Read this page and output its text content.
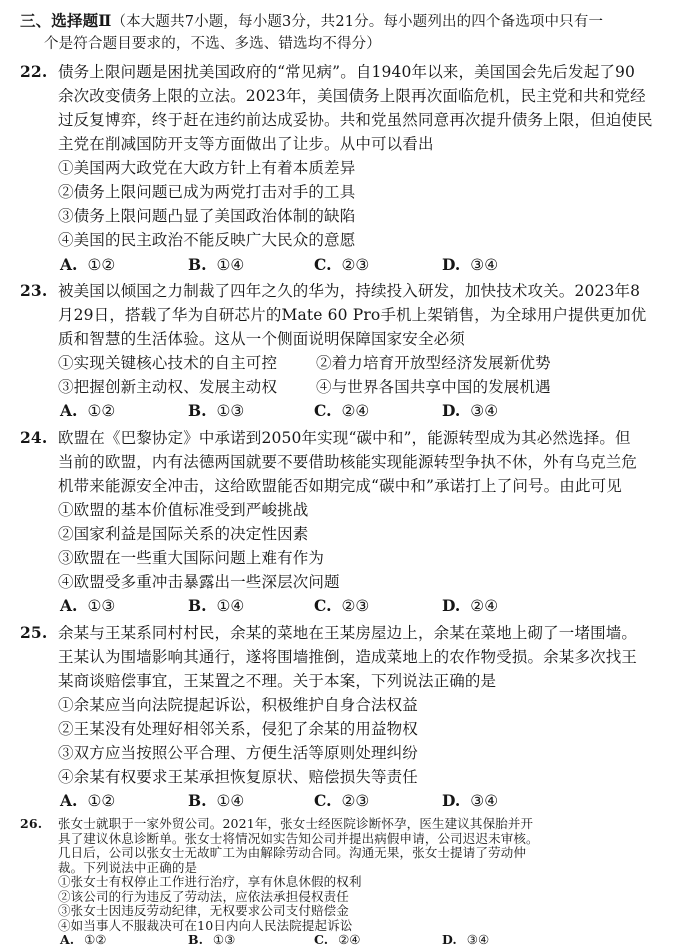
三、选择题Ⅱ（本大题共7小题，每小题3分，共21分。每小题列出的四个备选项中只有一
个是符合题目要求的，不选、多选、错选均不得分）
22. 债务上限问题是困扰美国政府的“常见病”。自1940年以来，美国国会先后发起了90
余次改变债务上限的立法。2023年，美国债务上限再次面临危机，民主党和共和党经
过反复博弈，终于赶在违约前达成妥协。共和党虽然同意再次提升债务上限，但迫使民
主党在削减国防开支等方面做出了让步。从中可以看出
①美国两大政党在大政方针上有着本质差异
②债务上限问题已成为两党打击对手的工具
③债务上限问题凸显了美国政治体制的缺陷
④美国的民主政治不能反映广大民众的意愿
A. ①②	B. ①④	C. ②③	D. ③④
23. 被美国以倾国之力制裁了四年之久的华为，持续投入研发，加快技术攻关。2023年8
月29日，搭载了华为自研芯片的Mate 60 Pro手机上架销售，为全球用户提供更加优
质和智慧的生活体验。这从一个侧面说明保障国家安全必须
①实现关键核心技术的自主可控	②着力培育开放型经济发展新优势
③把握创新主动权、发展主动权	④与世界各国共享中国的发展机遇
A. ①②	B. ①③	C. ②④	D. ③④
24. 欧盟在《巴黎协定》中承诺到2050年实现“碳中和”，能源转型成为其必然选择。但
当前的欧盟，内有法德两国就要不要借助核能实现能源转型争执不休，外有乌克兰危
机带来能源安全冲击，这给欧盟能否如期完成“碳中和”承诺打上了问号。由此可见
①欧盟的基本价值标准受到严峻挑战
②国家利益是国际关系的决定性因素
③欧盟在一些重大国际问题上难有作为
④欧盟受多重冲击暴露出一些深层次问题
A. ①③	B. ①④	C. ②③	D. ②④
25. 余某与王某系同村村民，余某的菜地在王某房屋边上，余某在菜地上砌了一堵围墙。
王某认为围墙影响其通行，遂将围墙推倒，造成菜地上的农作物受损。余某多次找王
某商谈赔偿事宜，王某置之不理。关于本案，下列说法正确的是
①余某应当向法院提起诉讼，积极维护自身合法权益
②王某没有处理好相邻关系，侵犯了余某的用益物权
③双方应当按照公平合理、方便生活等原则处理纠纷
④余某有权要求王某承担恢复原状、赔偿损失等责任
A. ①②	B. ①④	C. ②③	D. ③④
26. 张女士就职于一家外贸公司。2021年，张女士经医院诊断怀孕，医生建议其保胎并开
具了建议休息诊断单。张女士将情况如实告知公司并提出病假申请，公司迟迟未审核。
几日后，公司以张女士无故旷工为由解除劳动合同。沟通无果，张女士提请了劳动仲
裁。下列说法中正确的是
①张女士有权停止工作进行治疗，享有休息休假的权利
②该公司的行为违反了劳动法，应依法承担侵权责任
③张女士因违反劳动纪律，无权要求公司支付赔偿金
④如当事人不服裁决可在10日内向人民法院提起诉讼
A. ①②	B. ①③	C. ②④	D. ③④
